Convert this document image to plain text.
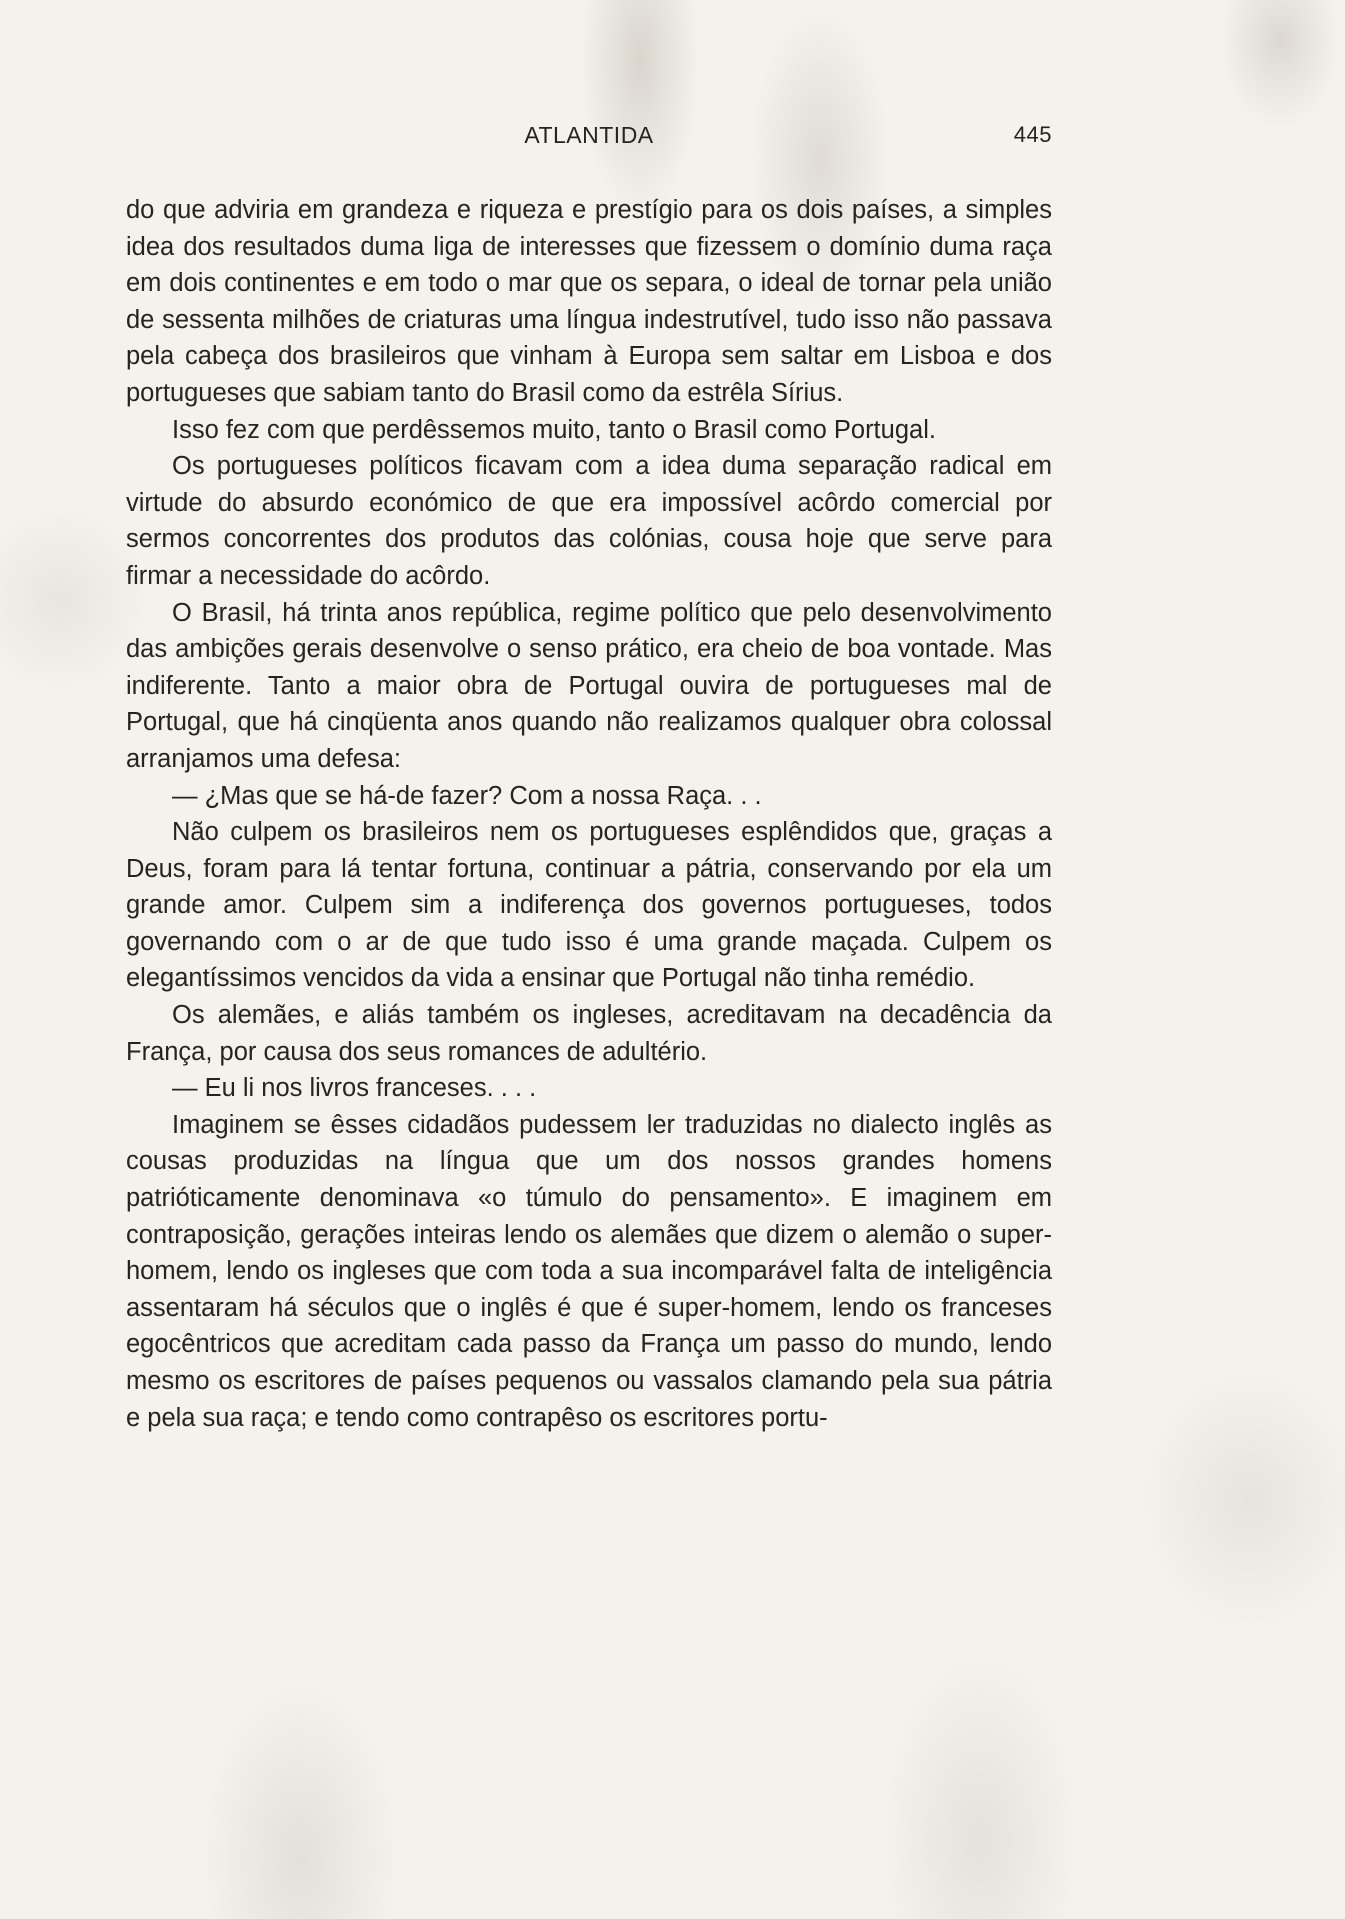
ATLANTIDA	445

do que adviria em grandeza e riqueza e prestígio para os dois países, a simples idea dos resultados duma liga de interesses que fizessem o domínio duma raça em dois continentes e em todo o mar que os separa, o ideal de tornar pela união de sessenta milhões de criaturas uma língua indestrutível, tudo isso não passava pela cabeça dos brasileiros que vinham à Europa sem saltar em Lisboa e dos portugueses que sabiam tanto do Brasil como da estrêla Sírius.

Isso fez com que perdêssemos muito, tanto o Brasil como Portugal.

Os portugueses políticos ficavam com a idea duma separação radical em virtude do absurdo económico de que era impossível acôrdo comercial por sermos concorrentes dos produtos das colónias, cousa hoje que serve para firmar a necessidade do acôrdo.

O Brasil, há trinta anos república, regime político que pelo desenvolvimento das ambições gerais desenvolve o senso prático, era cheio de boa vontade. Mas indiferente. Tanto a maior obra de Portugal ouvira de portugueses mal de Portugal, que há cinqüenta anos quando não realizamos qualquer obra colossal arranjamos uma defesa:

— ¿Mas que se há-de fazer? Com a nossa Raça. . .

Não culpem os brasileiros nem os portugueses esplêndidos que, graças a Deus, foram para lá tentar fortuna, continuar a pátria, conservando por ela um grande amor. Culpem sim a indiferença dos governos portugueses, todos governando com o ar de que tudo isso é uma grande maçada. Culpem os elegantíssimos vencidos da vida a ensinar que Portugal não tinha remédio.

Os alemães, e aliás também os ingleses, acreditavam na decadência da França, por causa dos seus romances de adultério.

— Eu li nos livros franceses. . . .

Imaginem se êsses cidadãos pudessem ler traduzidas no dialecto inglês as cousas produzidas na língua que um dos nossos grandes homens patrióticamente denominava «o túmulo do pensamento». E imaginem em contraposição, gerações inteiras lendo os alemães que dizem o alemão o super-homem, lendo os ingleses que com toda a sua incomparável falta de inteligência assentaram há séculos que o inglês é que é super-homem, lendo os franceses egocêntricos que acreditam cada passo da França um passo do mundo, lendo mesmo os escritores de países pequenos ou vassalos clamando pela sua pátria e pela sua raça; e tendo como contrapêso os escritores portu-
